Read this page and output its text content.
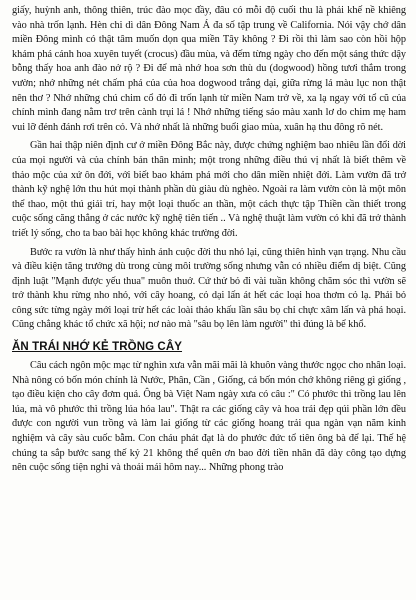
giấy, huỳnh anh, thông thiên, trúc đào mọc đầy, đâu có mỗi độ cuối thu là phải khế nề khiêng vào nhà trốn lạnh. Hèn chi dì dân Đông Nam Á đa số tập trung về California. Nói vậy chớ dân miền Đông mình có thật tâm muốn dọn qua miền Tây không ? Đi rồi thì làm sao còn hồi hộp khám phá cánh hoa xuyên tuyết (crocus) đầu mùa, và đếm từng ngày cho đến một sáng thức dậy bỗng thấy hoa anh đào nở rộ ? Đi để mà nhớ hoa sơn thù du (dogwood) hồng tươi thắm trong vườn; nhớ những nét chấm phá của của hoa dogwood trắng dại, giữa rừng lá màu lục non thật nên thơ ? Nhớ những chú chim cổ đỏ đi trốn lạnh từ miền Nam trở về, xa lạ ngay với tổ cũ của chính mình đang nằm trơ trên cành trụi lá ! Nhớ những tiếng sáo màu xanh lơ do chim mẹ ham vui lỡ đẻnh đánh rơi trên cỏ. Và nhớ nhất là những buổi giao mùa, xuân hạ thu đông rõ nét.

Gần hai thập niên định cư ở miền Đông Bắc này, được chứng nghiệm bao nhiêu lần đổi dời của mọi người và của chính bản thân mình; một trong những điều thú vị nhất là biết thêm về thảo mộc của xứ ôn đới, với biết bao khám phá mới cho dân miền nhiệt đới. Làm vườn đã trở thành kỹ nghệ lớn thu hút mọi thành phần dù giàu dù nghèo. Ngoài ra làm vườn còn là một môn thể thao, một thú giải trí, hay một loại thuốc an thần, một cách thực tập Thiền cần thiết trong cuộc sống căng thẳng ở các nước kỹ nghệ tiên tiến .. Và nghệ thuật làm vườn có khi đã trở thành triết lý sống, cho ta bao bài học không khác trường đời.

Bước ra vườn là như thấy hình ảnh cuộc đời thu nhỏ lại, cũng thiên hình vạn trạng. Nhu cầu và điều kiện tăng trưởng dù trong cùng môi trường sống nhưng vẫn có nhiều điểm dị biệt. Cũng định luật "Mạnh được yếu thua" muôn thuở. Cứ thử bỏ đi vài tuần không chăm sóc thì vườn sẽ trở thành khu rừng nho nhỏ, với cây hoang, cỏ dại lấn át hết các loại hoa thơm cỏ lạ. Phải bỏ công sức từng ngày mới loại trừ hết các loài thảo khấu lần sâu bọ chỉ chực xâm lấn và phá hoại. Cũng chẳng khác tổ chức xã hội; nơ nào mà "sâu bọ lên làm người" thì đúng là bể khổ.

ĂN TRÁI NHỚ KẺ TRỒNG CÂY

Câu cách ngôn mộc mạc từ nghìn xưa vẫn mãi mãi là khuôn vàng thước ngọc cho nhân loại. Nhà nông có bốn món chính là Nước, Phân, Cần , Giống, cả bốn món chớ không riêng gì giống , tạo điều kiện cho cây đơm quả. Ông bà Việt Nam ngày xưa có câu :" Có phước thì trồng lau lên lúa, mà vô phước thì trồng lúa hóa lau". Thật ra các giống cây và hoa trái đẹp qúi phần lớn đều được con người vun trồng và làm lai giống từ các giống hoang trải qua ngàn vạn năm kinh nghiệm và cây sàu cuốc bẫm. Con cháu phát đạt là do phước đức tổ tiên ông bà để lại. Thế hệ chúng ta sắp bước sang thế kỷ 21 không thể quên ơn bao đời tiền nhân đã dày công tạo dựng nên cuộc sống tiện nghi và thoải mái hôm nay... Những phong trào
